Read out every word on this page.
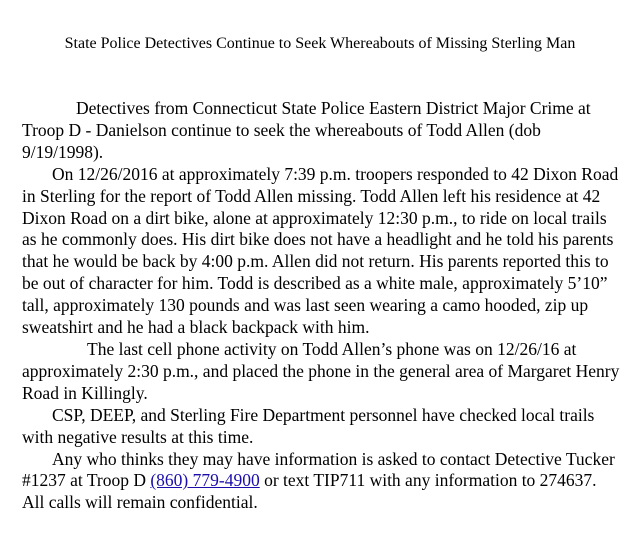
State Police Detectives Continue to Seek Whereabouts of Missing Sterling Man

Detectives from Connecticut State Police Eastern District Major Crime at Troop D - Danielson continue to seek the whereabouts of Todd Allen (dob 9/19/1998).

On 12/26/2016 at approximately 7:39 p.m. troopers responded to 42 Dixon Road in Sterling for the report of Todd Allen missing. Todd Allen left his residence at 42 Dixon Road on a dirt bike, alone at approximately 12:30 p.m., to ride on local trails as he commonly does. His dirt bike does not have a headlight and he told his parents that he would be back by 4:00 p.m. Allen did not return. His parents reported this to be out of character for him. Todd is described as a white male, approximately 5’10” tall, approximately 130 pounds and was last seen wearing a camo hooded, zip up sweatshirt and he had a black backpack with him.

The last cell phone activity on Todd Allen’s phone was on 12/26/16 at approximately 2:30 p.m., and placed the phone in the general area of Margaret Henry Road in Killingly.

CSP, DEEP, and Sterling Fire Department personnel have checked local trails with negative results at this time.

Any who thinks they may have information is asked to contact Detective Tucker #1237 at Troop D (860) 779-4900 or text TIP711 with any information to 274637. All calls will remain confidential.
